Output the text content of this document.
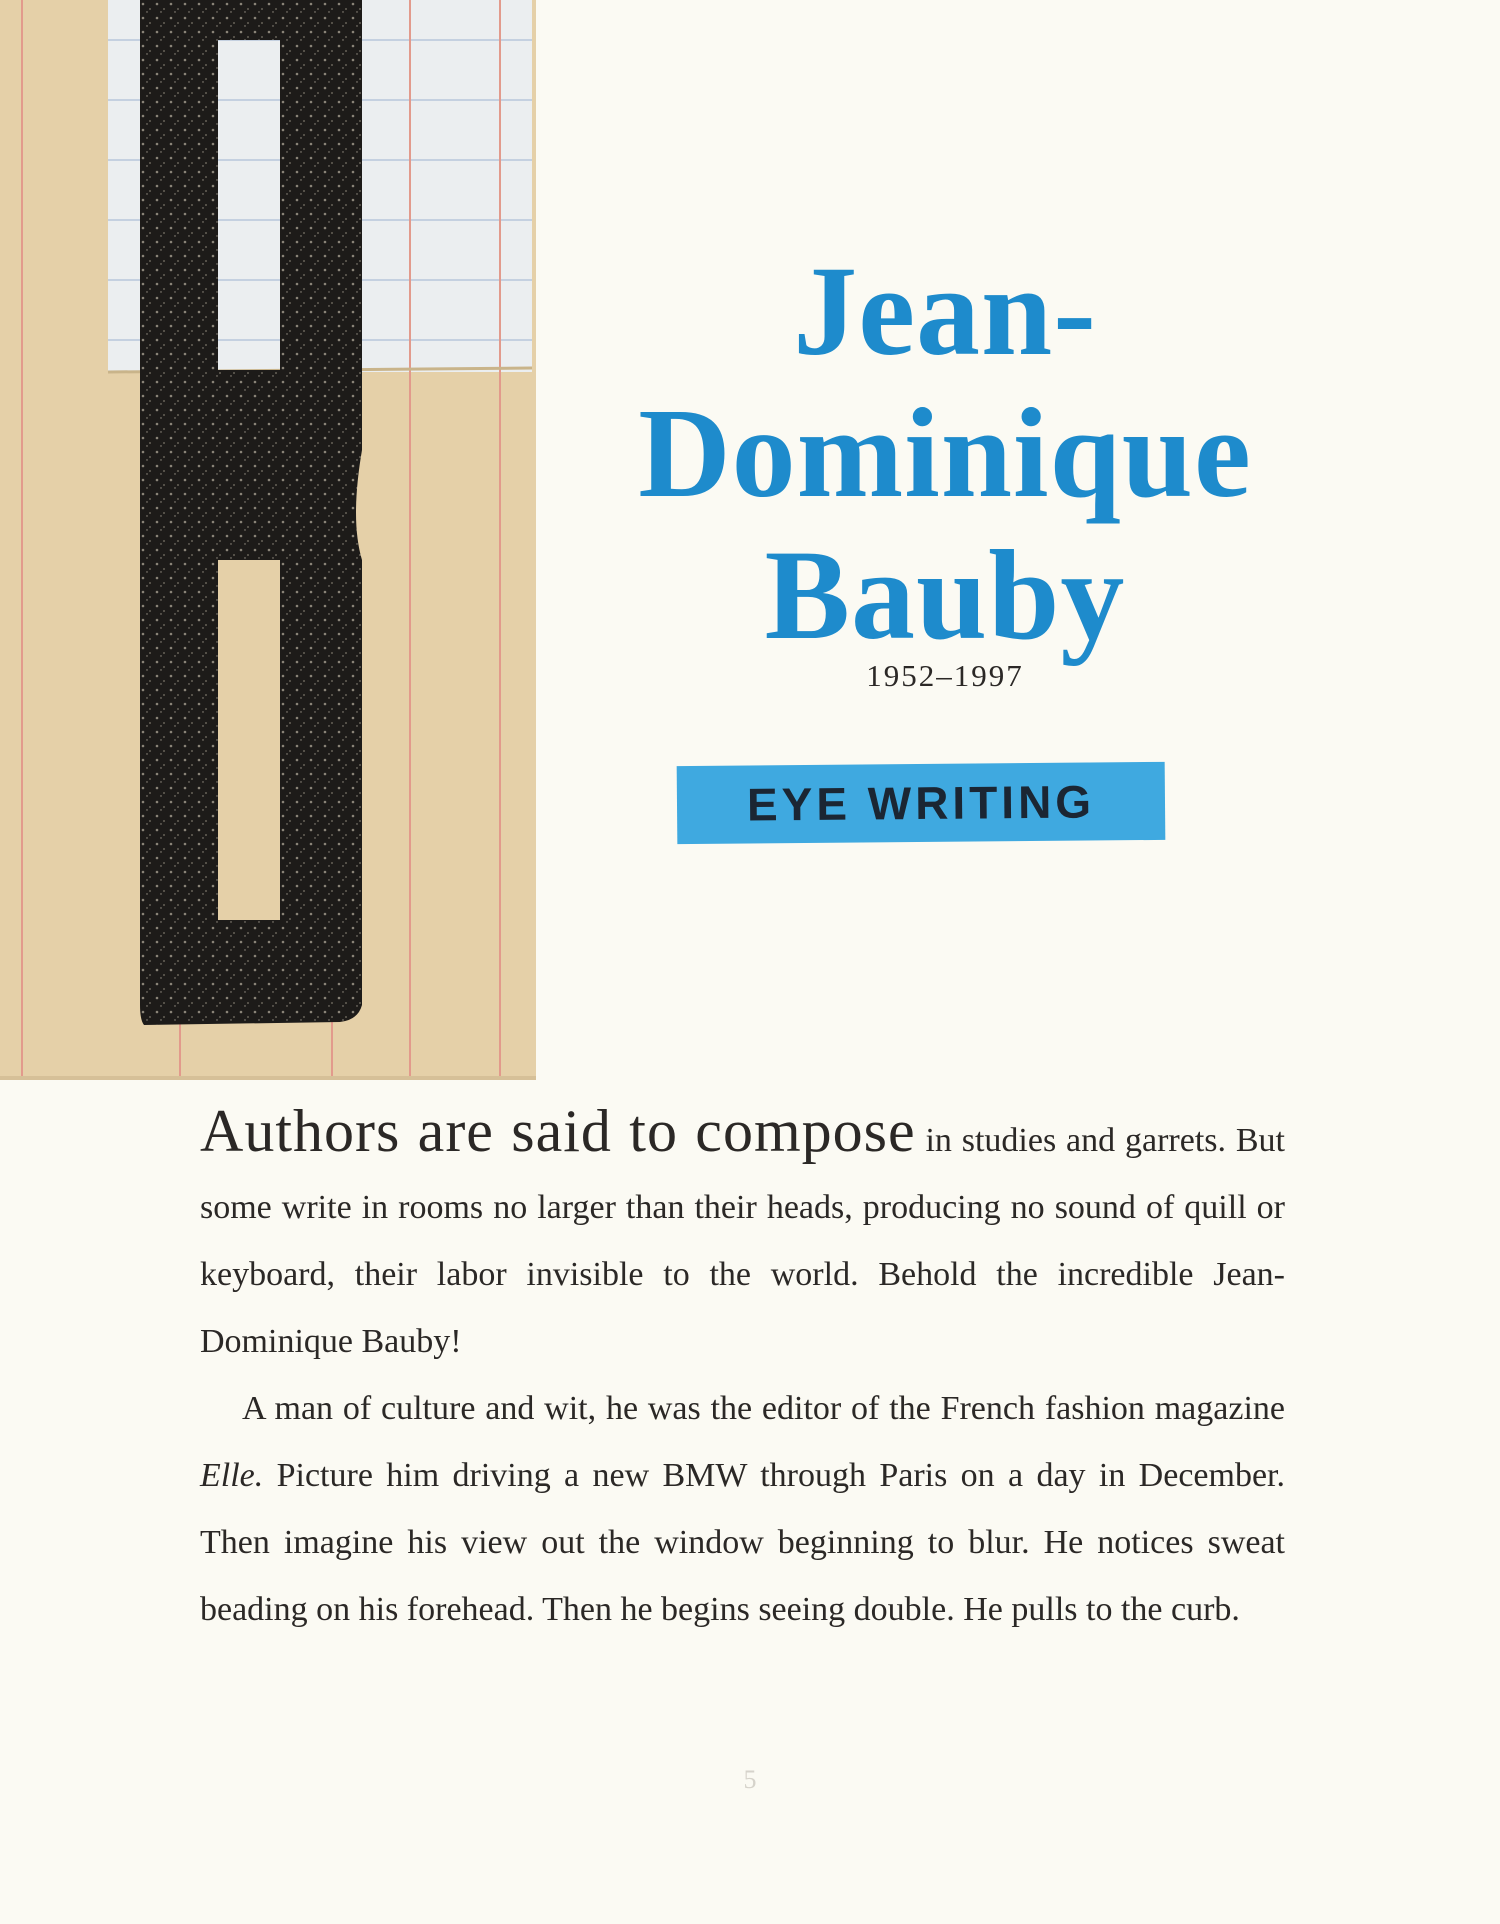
Jean-
Dominique
Bauby
1952–1997
EYE WRITING

Authors are said to compose in studies and garrets. But some write in rooms no larger than their heads, producing no sound of quill or keyboard, their labor invisible to the world. Behold the incredible Jean-Dominique Bauby!

A man of culture and wit, he was the editor of the French fashion magazine Elle. Picture him driving a new BMW through Paris on a day in December. Then imagine his view out the window beginning to blur. He notices sweat beading on his forehead. Then he begins seeing double. He pulls to the curb.

5
